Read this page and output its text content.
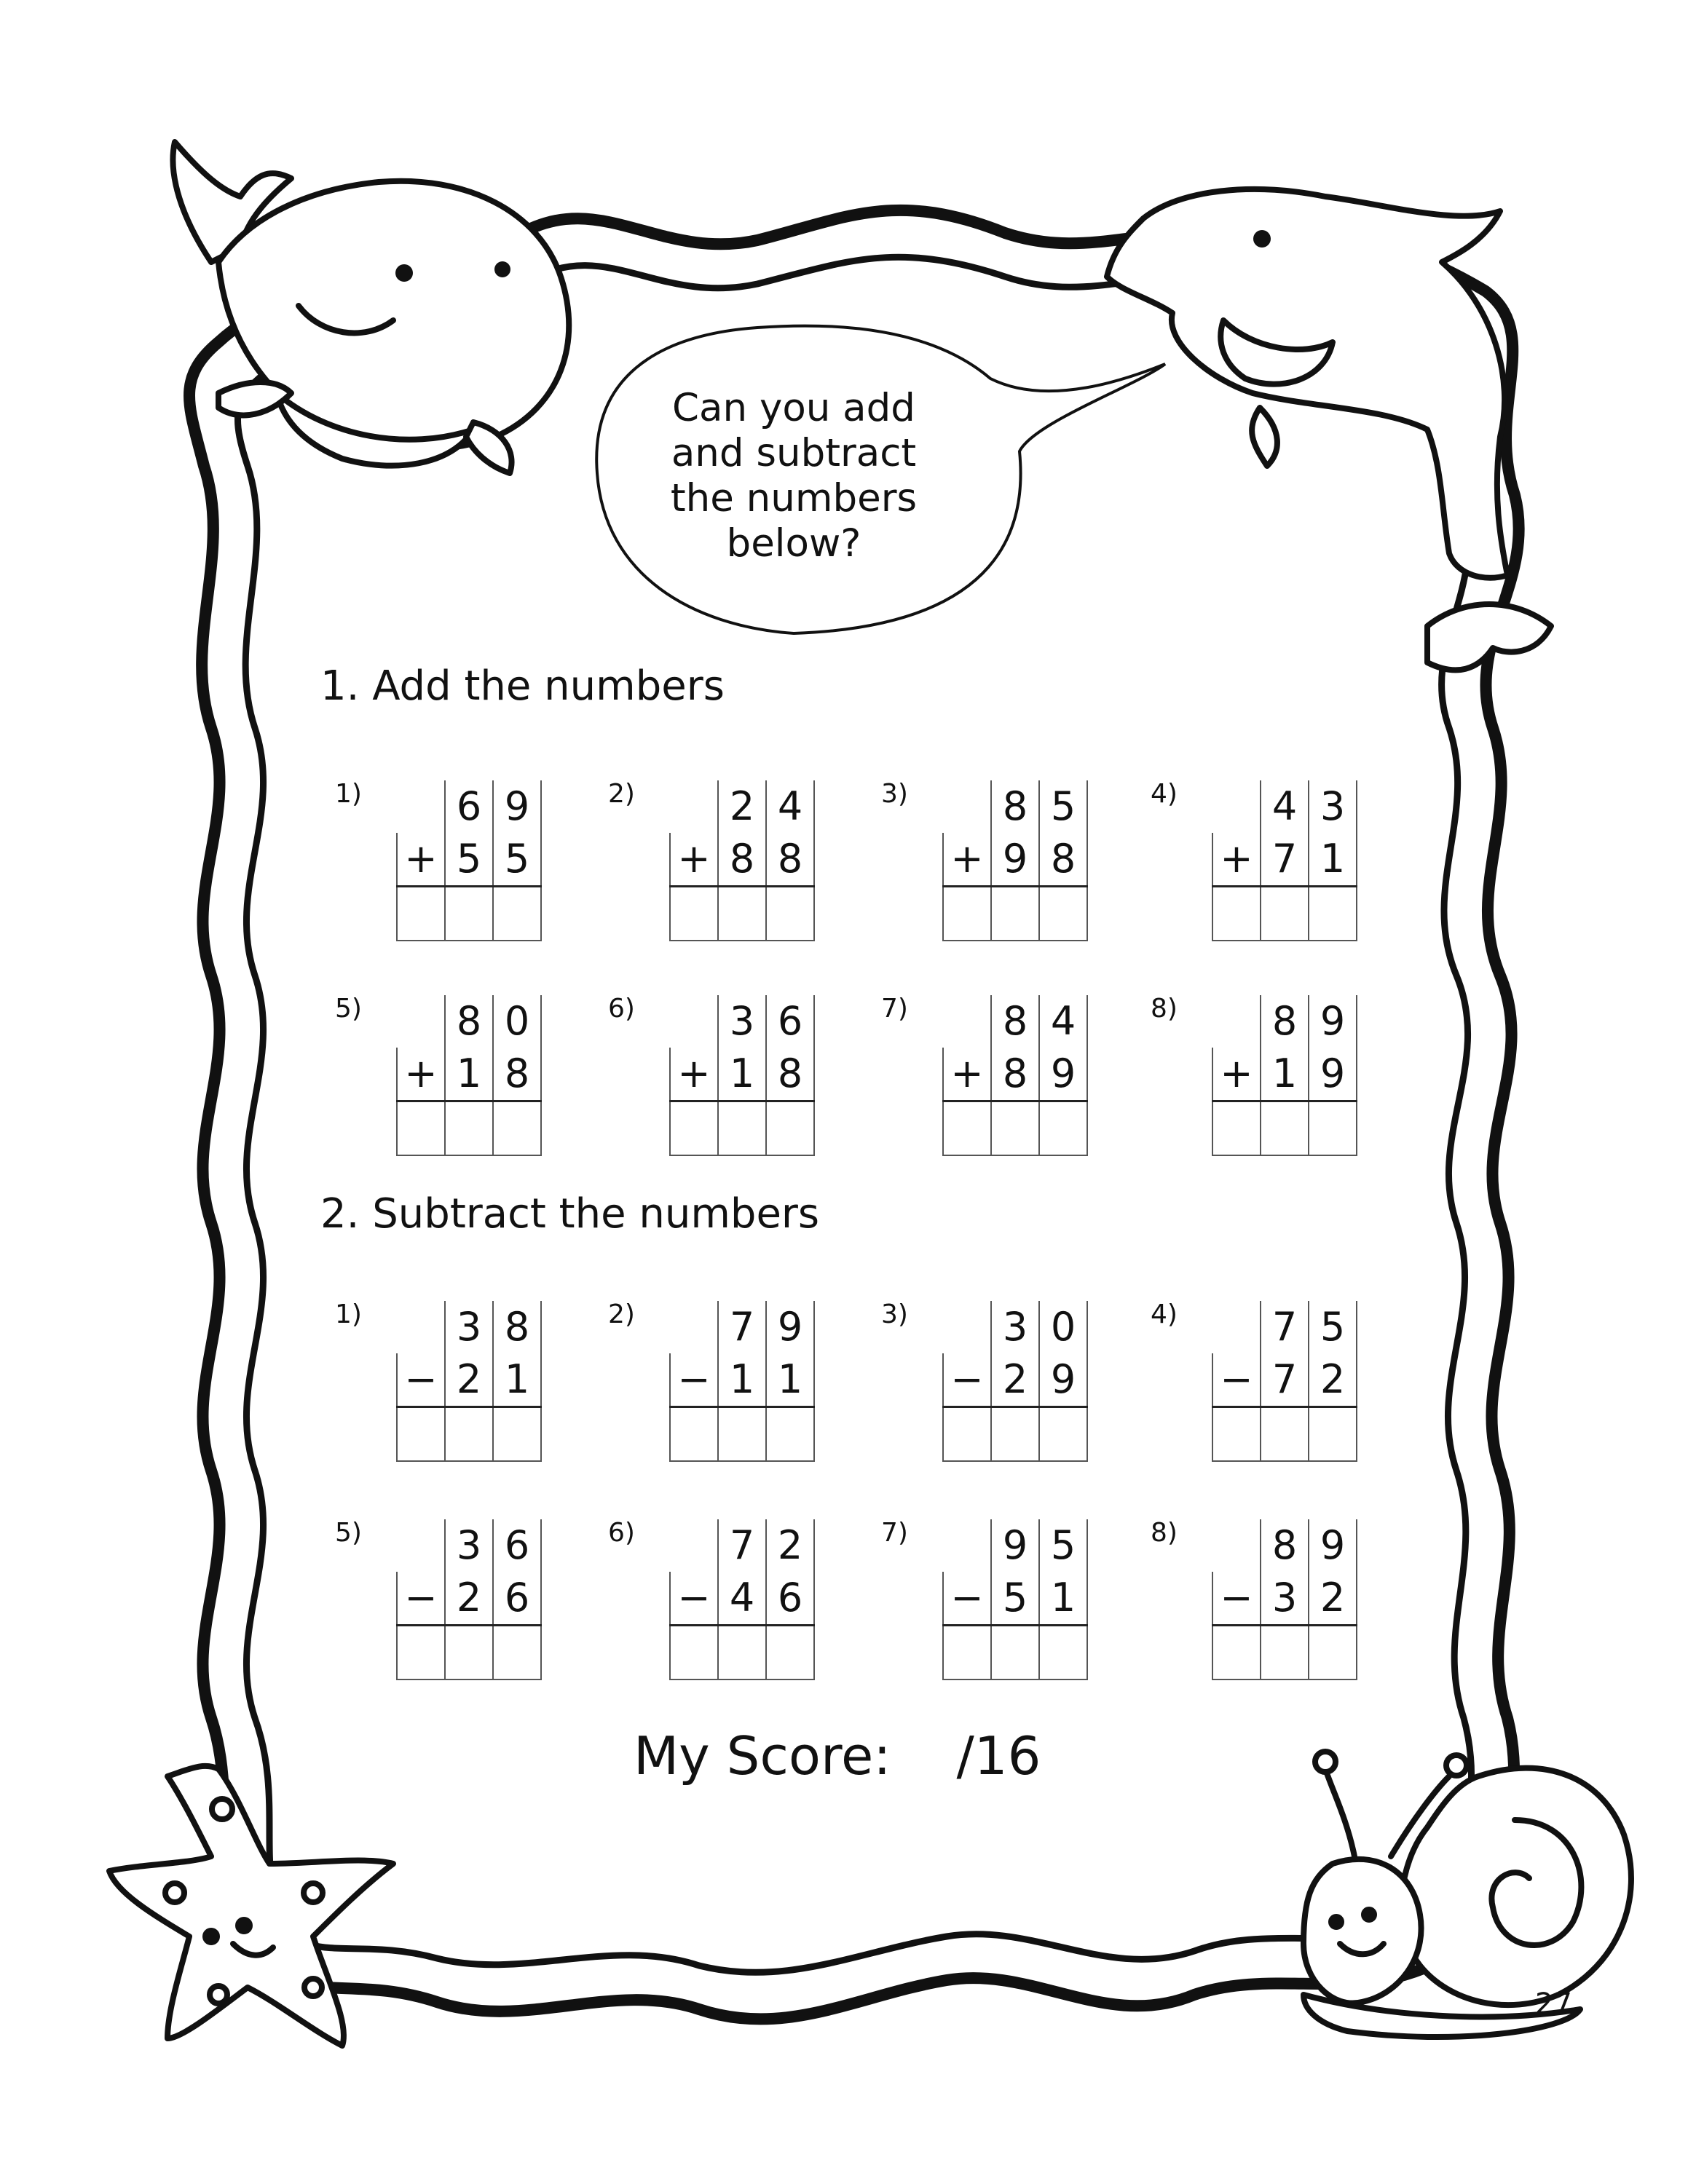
Can you add and subtract the numbers below?
1. Add the numbers
2. Subtract the numbers
1)
	6	9
+	5	5

2)
	2	4
+	8	8

3)
	8	5
+	9	8

4)
	4	3
+	7	1

5)
	8	0
+	1	8

6)
	3	6
+	1	8

7)
	8	4
+	8	9

8)
	8	9
+	1	9

1)
	3	8
−	2	1

2)
	7	9
−	1	1

3)
	3	0
−	2	9

4)
	7	5
−	7	2

5)
	3	6
−	2	6

6)
	7	2
−	4	6

7)
	9	5
−	5	1

8)
	8	9
−	3	2

My Score: /16
27
